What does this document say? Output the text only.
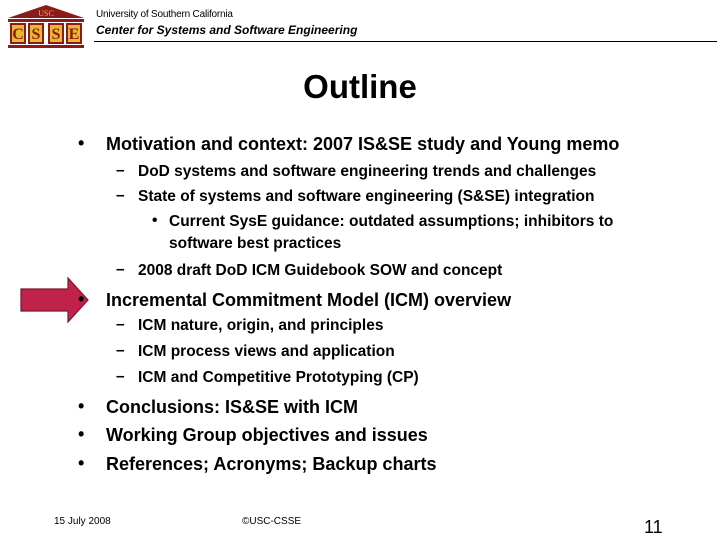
USC
C S S E
University of Southern California
Center for Systems and Software Engineering
Outline
• Motivation and context: 2007 IS&SE study and Young memo
– DoD systems and software engineering trends and challenges
– State of systems and software engineering (S&SE) integration
• Current SysE guidance: outdated assumptions; inhibitors to
software best practices
– 2008 draft DoD ICM Guidebook SOW and concept
• Incremental Commitment Model (ICM) overview
– ICM nature, origin, and principles
– ICM process views and application
– ICM and Competitive Prototyping (CP)
• Conclusions: IS&SE with ICM
• Working Group objectives and issues
• References; Acronyms; Backup charts
15 July 2008	©USC-CSSE	11
